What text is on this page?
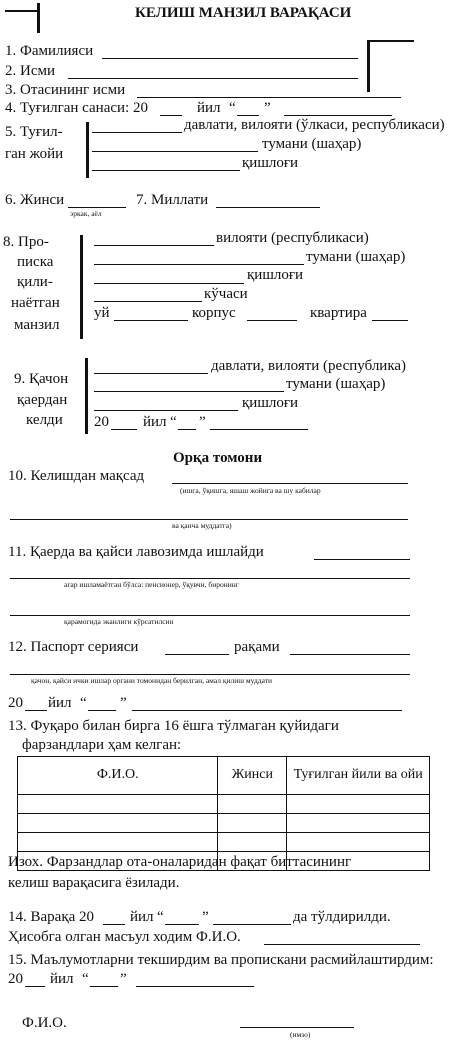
КЕЛИШ МАНЗИЛ ВАРАҚАСИ
1. Фамилияси
2. Исми
3. Отасининг исми
4. Туғилган санаси: 20	йил “ ”
5. Туғил-
ган жойи
давлати, вилояти (ўлкаси, республикаси)
тумани (шаҳар)
қишлоғи
6. Жинси
эркак, аёл
7. Миллати
8. Про-
писка
қили-
наётган
манзил
вилояти (республикаси)
тумани (шаҳар)
қишлоғи
кўчаси
уй	корпус	квартира
9. Қачон
қаердан
келди
давлати, вилояти (республика)
тумани (шаҳар)
қишлоғи
20 йил “ ”
Орқа томони
10. Келишдан мақсад
(ишга, ўқишга, яшаш жойига ва шу кабилар
ва қанча муддатга)
11. Қаерда ва қайси лавозимда ишлайди
агар ишламаётган бўлса: пенсионер, ўқувчи, биронинг
қарамогида эканлиги кўрсатилсин
12. Паспорт серияси	рақами
қачон, қайси ички ишлар органи томонидан берилган, амал қилиш муддати
20 йил “ ”
13. Фуқаро билан бирга 16 ёшга тўлмаган қуйидаги
фарзандлари ҳам келган:
Ф.И.О.	Жинси	Туғилган йили ва ойи

Изох. Фарзандлар ота-оналаридан фақат биттасининг
келиш варақасига ёзилади.
14. Варақа 20 йил “	”	да тўлдирилди.
Ҳисобга олган масъул ходим Ф.И.О.
15. Маълумотларни текширдим ва пропискани расмийлаштирдим:
20 йил “ ”
Ф.И.О.
(имзо)
